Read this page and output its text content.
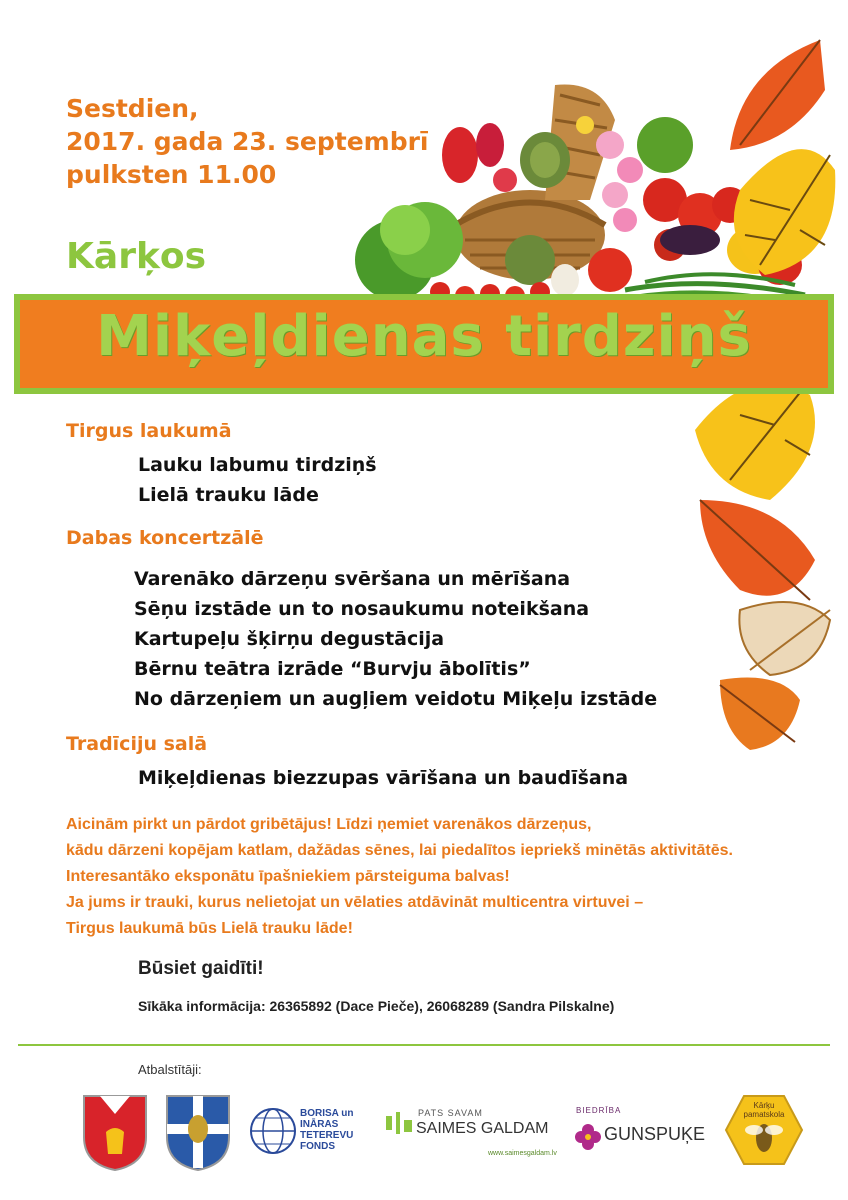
Sestdien,
2017. gada 23. septembrī
pulksten 11.00
Kārķos
Miķeļdienas tirdziņš
Tirgus laukumā
Lauku labumu tirdziņš
Lielā trauku lāde
Dabas koncertzālē
Varenāko dārzeņu svēršana un mērīšana
Sēņu izstāde un to nosaukumu noteikšana
Kartupeļu šķirņu degustācija
Bērnu teātra izrāde “Burvju ābolītis”
No dārzeņiem un augļiem veidotu Miķeļu izstāde
Tradīciju salā
Miķeļdienas biezzupas vārīšana un baudīšana
Aicinām pirkt un pārdot gribētājus! Līdzi ņemiet varenākos dārzeņus,
kādu dārzeni kopējam katlam, dažādas sēnes, lai piedalītos iepriekš minētās aktivitātēs.
Interesantāko eksponātu īpašniekiem pārsteiguma balvas!
Ja jums ir trauki, kurus nelietojat un vēlaties atdāvināt multicentra virtuvei –
Tirgus laukumā būs Lielā trauku lāde!
Būsiet gaidīti!
Sīkāka informācija: 26365892 (Dace Pieče), 26068289 (Sandra Pilskalne)
Atbalstītāji:
BORISA un
INĀRAS
TETEREVU
FONDS
PATS SAVAM
SAIMES GALDAM
www.saimesgaldam.lv
BIEDRĪBA
GUNSPUĶE
Kārķu
pamatskola
